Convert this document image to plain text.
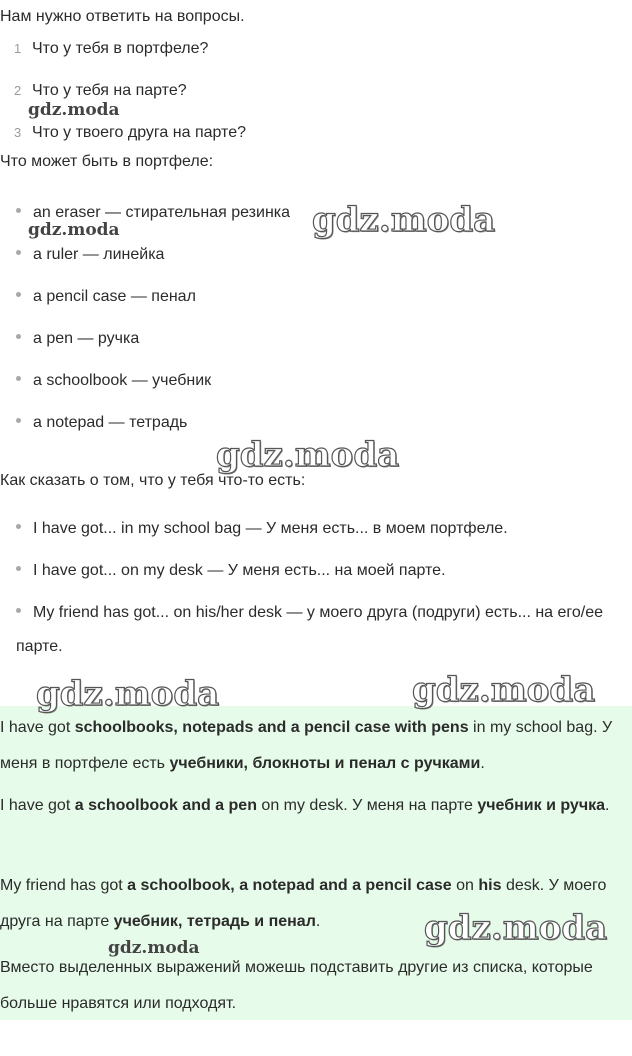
Нам нужно ответить на вопросы.
1 Что у тебя в портфеле?
2 Что у тебя на парте?
3 Что у твоего друга на парте?
Что может быть в портфеле:
an eraser — стирательная резинка
a ruler — линейка
a pencil case — пенал
a pen — ручка
a schoolbook — учебник
a notepad — тетрадь
Как сказать о том, что у тебя что-то есть:
I have got... in my school bag — У меня есть... в моем портфеле.
I have got... on my desk — У меня есть... на моей парте.
My friend has got... on his/her desk — у моего друга (подруги) есть... на его/ее парте.
I have got schoolbooks, notepads and a pencil case with pens in my school bag. У меня в портфеле есть учебники, блокноты и пенал с ручками.
I have got a schoolbook and a pen on my desk. У меня на парте учебник и ручка.
My friend has got a schoolbook, a notepad and a pencil case on his desk. У моего друга на парте учебник, тетрадь и пенал.
Вместо выделенных выражений можешь подставить другие из списка, которые больше нравятся или подходят.
gdz.moda
gdz.moda	gdz.moda
gdz.moda
gdz.moda	gdz.moda
gdz.moda
gdz.moda
